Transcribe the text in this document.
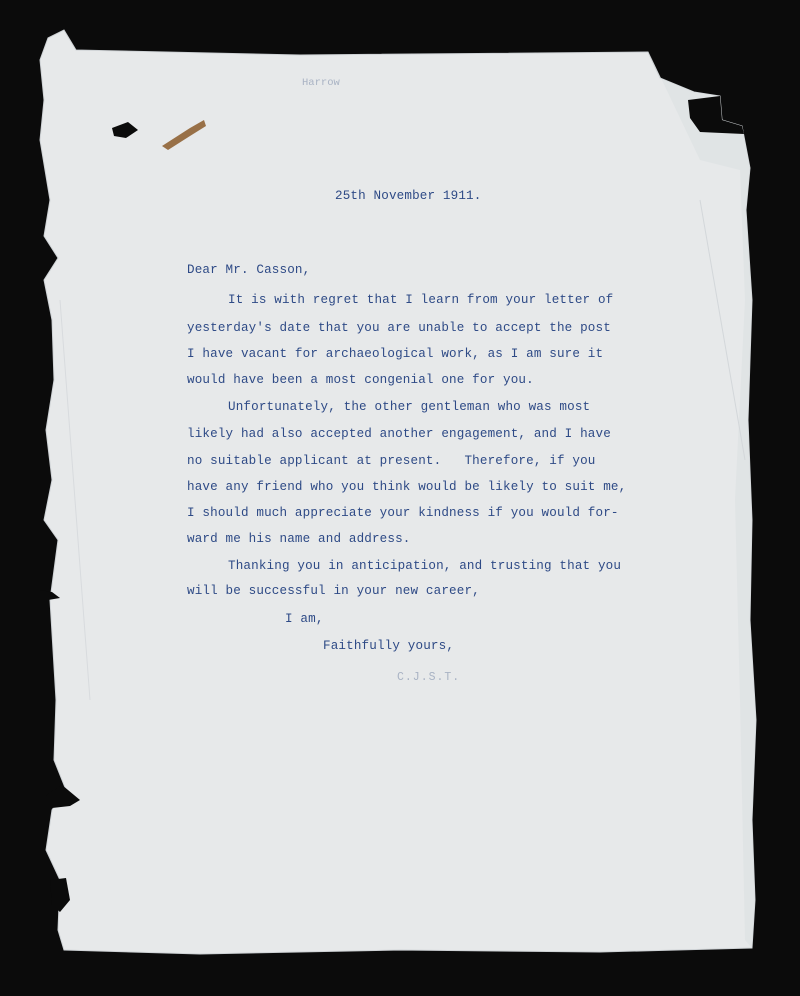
Harrow
25th November 1911.
Dear Mr. Casson,
It is with regret that I learn from your letter of
yesterday's date that you are unable to accept the post
I have vacant for archaeological work, as I am sure it
would have been a most congenial one for you.
Unfortunately, the other gentleman who was most
likely had also accepted another engagement, and I have
no suitable applicant at present.   Therefore, if you
have any friend who you think would be likely to suit me,
I should much appreciate your kindness if you would for-
ward me his name and address.
Thanking you in anticipation, and trusting that you
will be successful in your new career,
I am,
Faithfully yours,
C.J.S.T.
